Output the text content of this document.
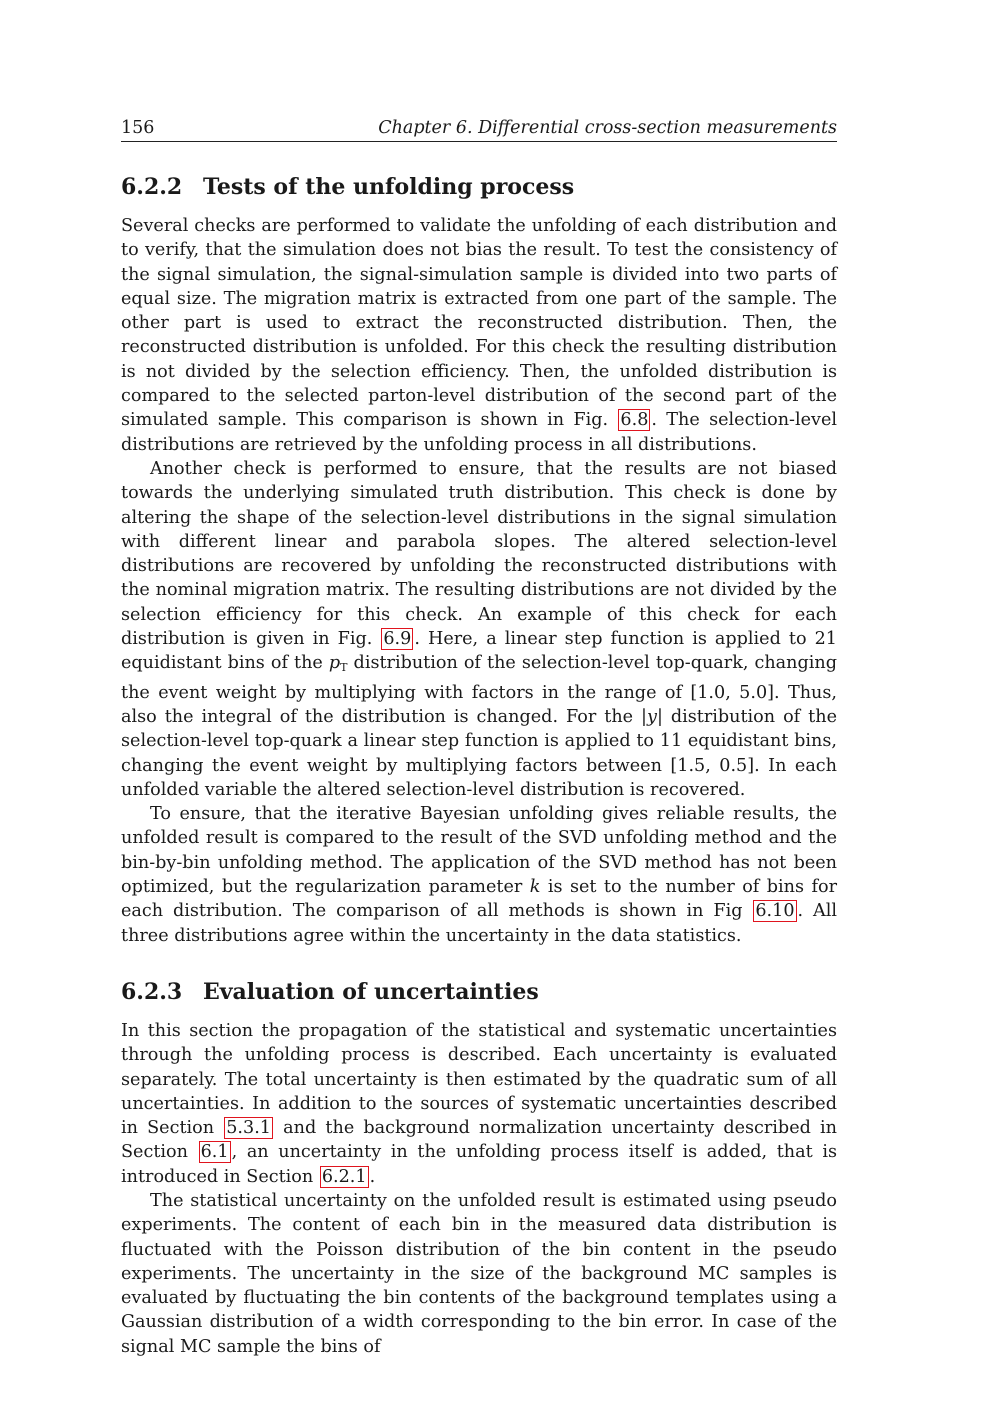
156	Chapter 6. Differential cross-section measurements
6.2.2 Tests of the unfolding process

Several checks are performed to validate the unfolding of each distribution and to verify, that the simulation does not bias the result. To test the consistency of the signal simulation, the signal-simulation sample is divided into two parts of equal size. The migration matrix is extracted from one part of the sample. The other part is used to extract the reconstructed distribution. Then, the reconstructed distribution is unfolded. For this check the resulting distribution is not divided by the selection efficiency. Then, the unfolded distribution is compared to the selected parton-level distribution of the second part of the simulated sample. This comparison is shown in Fig. 6.8 . The selection-level distributions are retrieved by the unfolding process in all distributions.

Another check is performed to ensure, that the results are not biased towards the underlying simulated truth distribution. This check is done by altering the shape of the selection-level distributions in the signal simulation with different linear and parabola slopes. The altered selection-level distributions are recovered by unfolding the reconstructed distributions with the nominal migration matrix. The resulting distributions are not divided by the selection efficiency for this check. An example of this check for each distribution is given in Fig. 6.9 . Here, a linear step function is applied to 21 equidistant bins of the $p_T$ distribution of the selection-level top-quark, changing the event weight by multiplying with factors in the range of [1.0, 5.0]. Thus, also the integral of the distribution is changed. For the |y| distribution of the selection-level top-quark a linear step function is applied to 11 equidistant bins, changing the event weight by multiplying factors between [1.5, 0.5]. In each unfolded variable the altered selection-level distribution is recovered.

To ensure, that the iterative Bayesian unfolding gives reliable results, the unfolded result is compared to the result of the SVD unfolding method and the bin-by-bin unfolding method. The application of the SVD method has not been optimized, but the regularization parameter k is set to the number of bins for each distribution. The comparison of all methods is shown in Fig 6.10 . All three distributions agree within the uncertainty in the data statistics.

6.2.3 Evaluation of uncertainties

In this section the propagation of the statistical and systematic uncertainties through the unfolding process is described. Each uncertainty is evaluated separately. The total uncertainty is then estimated by the quadratic sum of all uncertainties. In addition to the sources of systematic uncertainties described in Section 5.3.1 and the background normalization uncertainty described in Section 6.1 , an uncertainty in the unfolding process itself is added, that is introduced in Section 6.2.1 .

The statistical uncertainty on the unfolded result is estimated using pseudo experiments. The content of each bin in the measured data distribution is fluctuated with the Poisson distribution of the bin content in the pseudo experiments. The uncertainty in the size of the background MC samples is evaluated by fluctuating the bin contents of the background templates using a Gaussian distribution of a width corresponding to the bin error. In case of the signal MC sample the bins of
